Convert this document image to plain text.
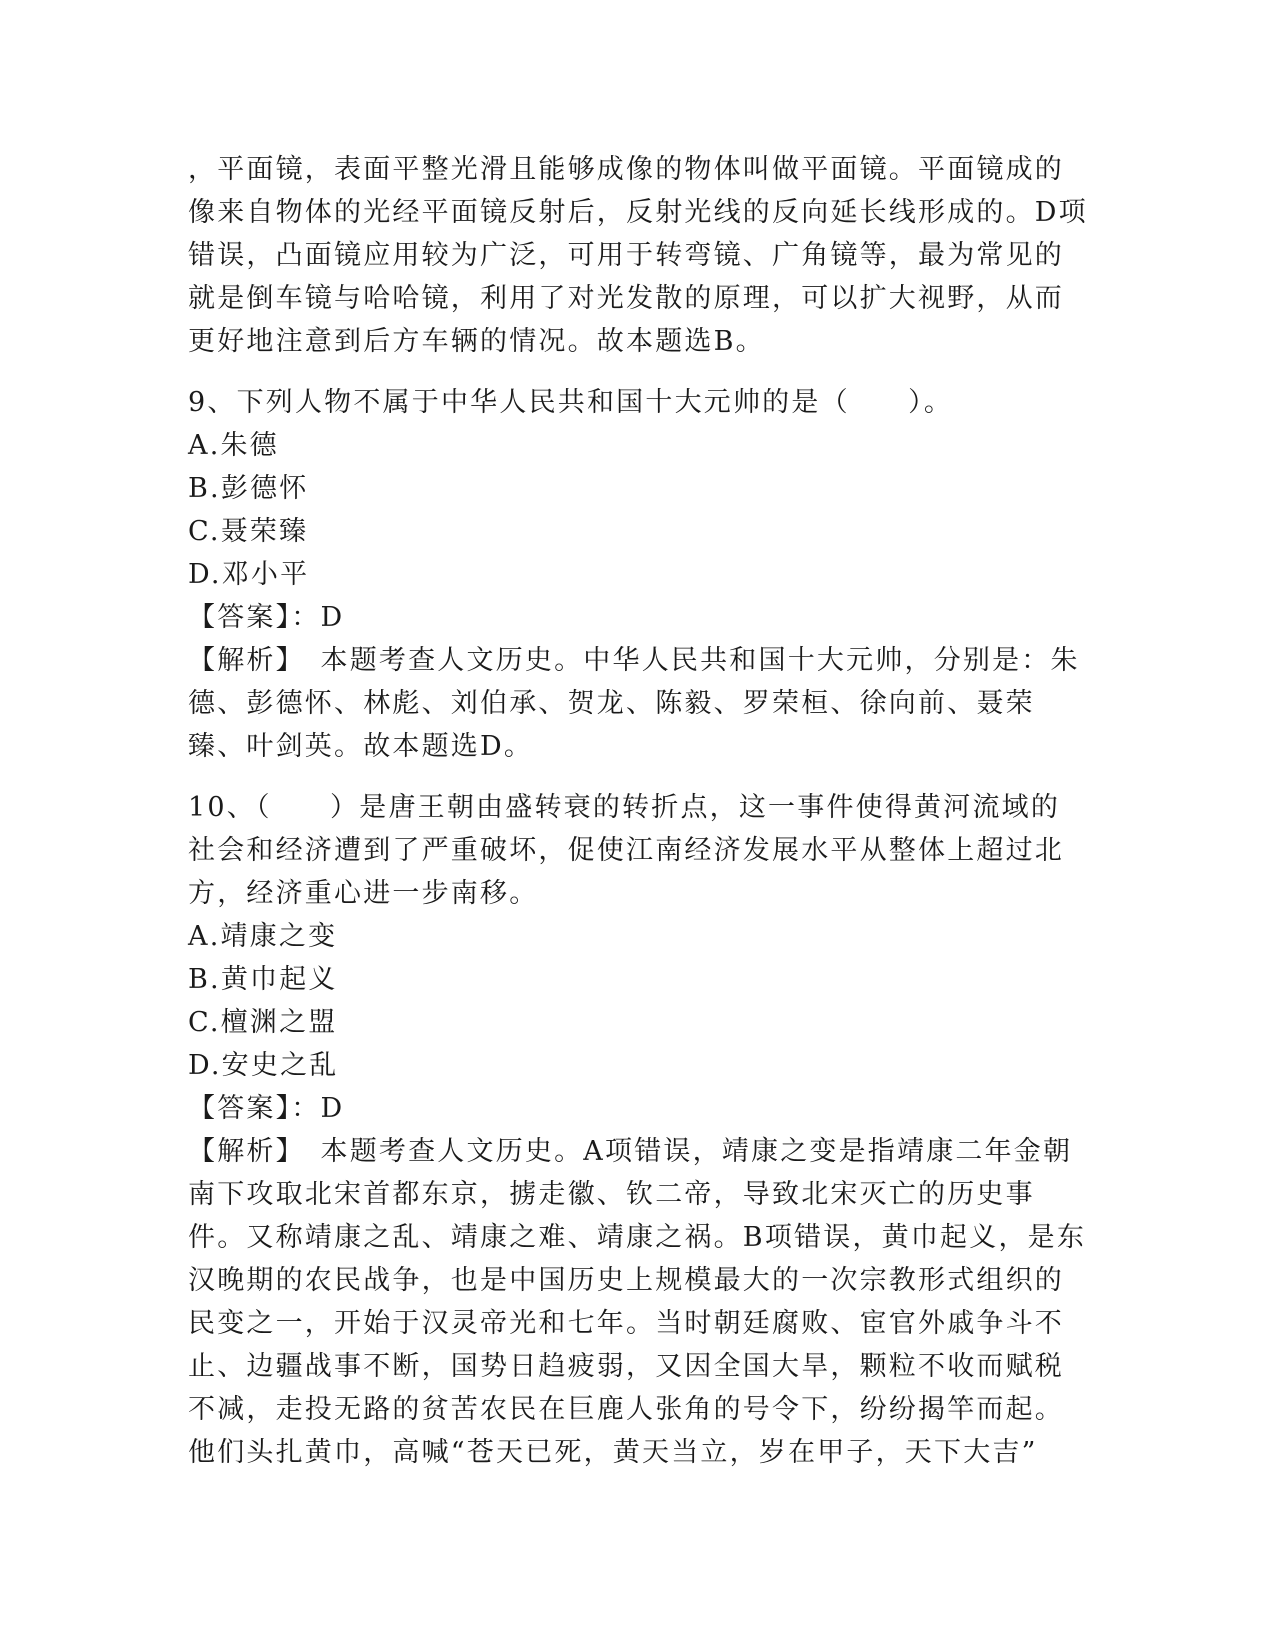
，平面镜，表面平整光滑且能够成像的物体叫做平面镜。平面镜成的像来自物体的光经平面镜反射后，反射光线的反向延长线形成的。D项错误，凸面镜应用较为广泛，可用于转弯镜、广角镜等，最为常见的就是倒车镜与哈哈镜，利用了对光发散的原理，可以扩大视野，从而更好地注意到后方车辆的情况。故本题选B。

9、下列人物不属于中华人民共和国十大元帅的是（　　）。

A.朱德

B.彭德怀

C.聂荣臻

D.邓小平

【答案】：D

【解析】　本题考查人文历史。中华人民共和国十大元帅，分别是：朱德、彭德怀、林彪、刘伯承、贺龙、陈毅、罗荣桓、徐向前、聂荣臻、叶剑英。故本题选D。

10、（　　）是唐王朝由盛转衰的转折点，这一事件使得黄河流域的社会和经济遭到了严重破坏，促使江南经济发展水平从整体上超过北方，经济重心进一步南移。

A.靖康之变

B.黄巾起义

C.檀渊之盟

D.安史之乱

【答案】：D

【解析】　本题考查人文历史。A项错误，靖康之变是指靖康二年金朝南下攻取北宋首都东京，掳走徽、钦二帝，导致北宋灭亡的历史事件。又称靖康之乱、靖康之难、靖康之祸。B项错误，黄巾起义，是东汉晚期的农民战争，也是中国历史上规模最大的一次宗教形式组织的民变之一，开始于汉灵帝光和七年。当时朝廷腐败、宦官外戚争斗不止、边疆战事不断，国势日趋疲弱，又因全国大旱，颗粒不收而赋税不减，走投无路的贫苦农民在巨鹿人张角的号令下，纷纷揭竿而起。他们头扎黄巾，高喊“苍天已死，黄天当立，岁在甲子，天下大吉”
